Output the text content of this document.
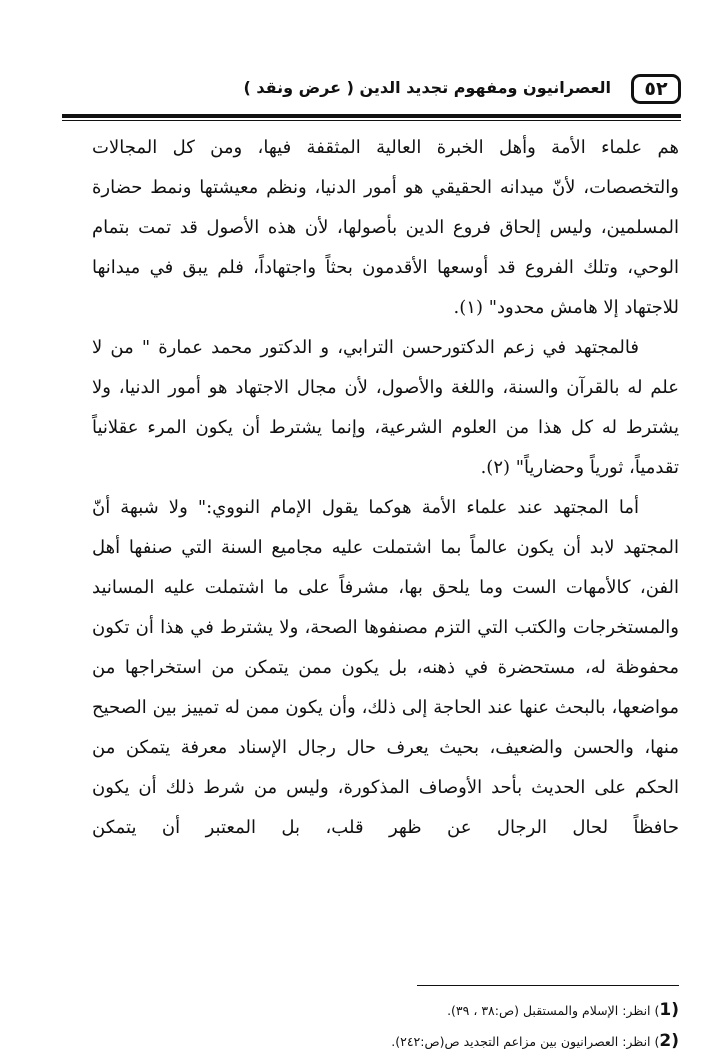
٥٢
العصرانيون ومفهوم تجديد الدين ( عرض ونقد )

هم علماء الأمة وأهل الخبرة العالية المثقفة فيها، ومن كل المجالات والتخصصات، لأنّ ميدانه الحقيقي هو أمور الدنيا، ونظم معيشتها ونمط حضارة المسلمين، وليس إلحاق فروع الدين بأصولها، لأن هذه الأصول قد تمت بتمام الوحي، وتلك الفروع قد أوسعها الأقدمون بحثاً واجتهاداً، فلم يبق في ميدانها للاجتهاد إلا هامش محدود" (١).

فالمجتهد في زعم الدكتورحسن الترابي، و الدكتور محمد عمارة " من لا علم له بالقرآن والسنة، واللغة والأصول، لأن مجال الاجتهاد هو أمور الدنيا، ولا يشترط له كل هذا من العلوم الشرعية، وإنما يشترط أن يكون المرء عقلانياً تقدمياً، ثورياً وحضارياً" (٢).

أما المجتهد عند علماء الأمة هوكما يقول الإمام النووي:" ولا شبهة أنّ المجتهد لابد أن يكون عالماً بما اشتملت عليه مجاميع السنة التي صنفها أهل الفن، كالأمهات الست وما يلحق بها، مشرفاً على ما اشتملت عليه المسانيد والمستخرجات والكتب التي التزم مصنفوها الصحة، ولا يشترط في هذا أن تكون محفوظة له، مستحضرة في ذهنه، بل يكون ممن يتمكن من استخراجها من مواضعها، بالبحث عنها عند الحاجة إلى ذلك، وأن يكون ممن له تمييز بين الصحيح منها، والحسن والضعيف، بحيث يعرف حال رجال الإسناد معرفة يتمكن من الحكم على الحديث بأحد الأوصاف المذكورة، وليس من شرط ذلك أن يكون حافظاً لحال الرجال عن ظهر قلب، بل المعتبر أن يتمكن

(1) انظر: الإسلام والمستقبل (ص:٣٨ ، ٣٩).

(2) انظر: العصرانيون بين مزاعم التجديد ص(ص:٢٤٢).
